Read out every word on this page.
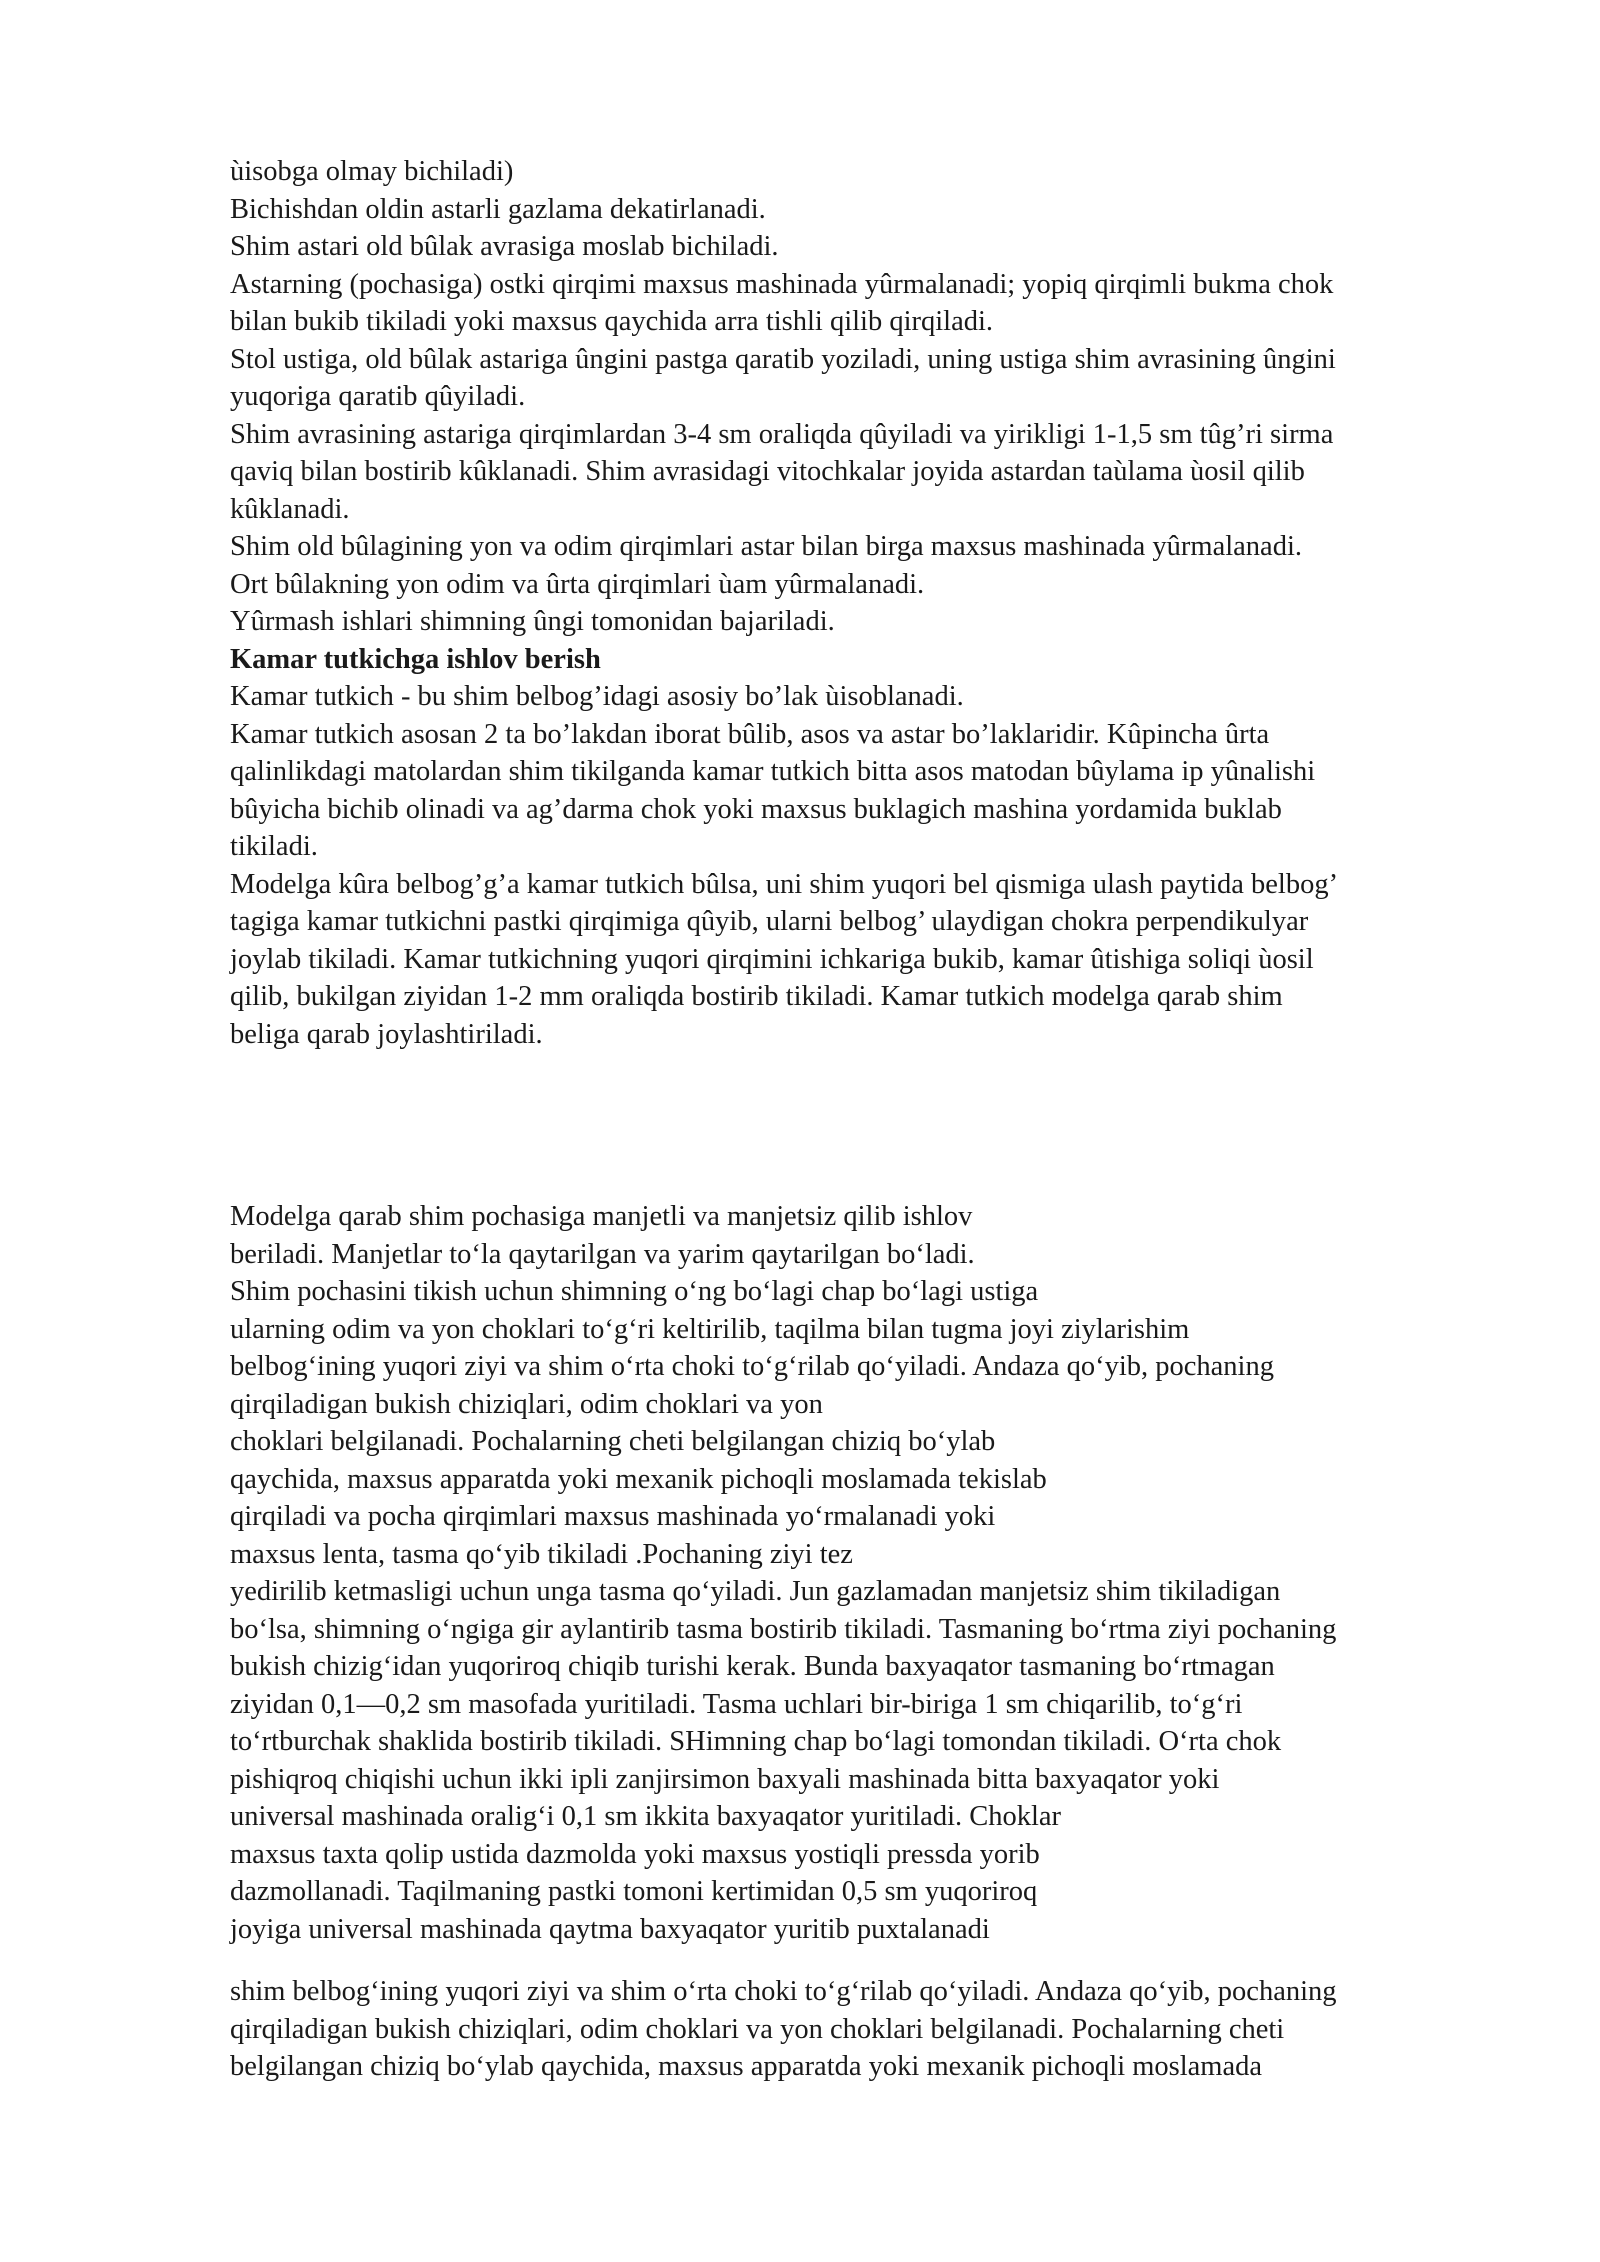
ùisobga olmay bichiladi)
Bichishdan oldin astarli gazlama dekatirlanadi.
Shim astari old bûlak avrasiga moslab bichiladi.
Astarning (pochasiga) ostki qirqimi maxsus mashinada yûrmalanadi; yopiq qirqimli bukma chok
bilan bukib tikiladi yoki maxsus qaychida arra tishli qilib qirqiladi.
Stol ustiga, old bûlak astariga ûngini pastga qaratib yoziladi, uning ustiga shim avrasining ûngini
yuqoriga qaratib qûyiladi.
Shim avrasining astariga qirqimlardan 3-4 sm oraliqda qûyiladi va yirikligi 1-1,5 sm tûg’ri sirma
qaviq bilan bostirib kûklanadi. Shim avrasidagi vitochkalar joyida astardan taùlama ùosil qilib
kûklanadi.
Shim old bûlagining yon va odim qirqimlari astar bilan birga maxsus mashinada yûrmalanadi.
Ort bûlakning yon odim va ûrta qirqimlari ùam yûrmalanadi.
Yûrmash ishlari shimning ûngi tomonidan bajariladi.
Kamar tutkichga ishlov berish
Kamar tutkich - bu shim belbog’idagi asosiy bo’lak ùisoblanadi.
Kamar tutkich asosan 2 ta bo’lakdan iborat bûlib, asos va astar bo’laklaridir. Kûpincha ûrta
qalinlikdagi matolardan shim tikilganda kamar tutkich bitta asos matodan bûylama ip yûnalishi
bûyicha bichib olinadi va ag’darma chok yoki maxsus buklagich mashina yordamida buklab
tikiladi.
Modelga kûra belbog’g’a kamar tutkich bûlsa, uni shim yuqori bel qismiga ulash paytida belbog’
tagiga kamar tutkichni pastki qirqimiga qûyib, ularni belbog’ ulaydigan chokra perpendikulyar
joylab tikiladi. Kamar tutkichning yuqori qirqimini ichkariga bukib, kamar ûtishiga soliqi ùosil
qilib, bukilgan ziyidan 1-2 mm oraliqda bostirib tikiladi. Kamar tutkich modelga qarab shim
beliga qarab joylashtiriladi.
Modelga qarab shim pochasiga manjetli va manjetsiz qilib ishlov
beriladi. Manjetlar to‘la qaytarilgan va yarim qaytarilgan bo‘ladi.
Shim pochasini tikish uchun shimning o‘ng bo‘lagi chap bo‘lagi ustiga
ularning odim va yon choklari to‘g‘ri keltirilib, taqilma bilan tugma joyi ziylarishim
belbog‘ining yuqori ziyi va shim o‘rta choki to‘g‘rilab qo‘yiladi. Andaza qo‘yib, pochaning
qirqiladigan bukish chiziqlari, odim choklari va yon
choklari belgilanadi. Pochalarning cheti belgilangan chiziq bo‘ylab
qaychida, maxsus apparatda yoki mexanik pichoqli moslamada tekislab
qirqiladi va pocha qirqimlari maxsus mashinada yo‘rmalanadi yoki
maxsus lenta, tasma qo‘yib tikiladi .Pochaning ziyi tez
yedirilib ketmasligi uchun unga tasma qo‘yiladi. Jun gazlamadan manjetsiz shim tikiladigan
bo‘lsa, shimning o‘ngiga gir aylantirib tasma bostirib tikiladi. Tasmaning bo‘rtma ziyi pochaning
bukish chizig‘idan yuqoriroq chiqib turishi kerak. Bunda baxyaqator tasmaning bo‘rtmagan
ziyidan 0,1—0,2 sm masofada yuritiladi. Tasma uchlari bir-biriga 1 sm chiqarilib, to‘g‘ri
to‘rtburchak shaklida bostirib tikiladi. SHimning chap bo‘lagi tomondan tikiladi. O‘rta chok
pishiqroq chiqishi uchun ikki ipli zanjirsimon baxyali mashinada bitta baxyaqator yoki
universal mashinada oralig‘i 0,1 sm ikkita baxyaqator yuritiladi. Choklar
maxsus taxta qolip ustida dazmolda yoki maxsus yostiqli pressda yorib
dazmollanadi. Taqilmaning pastki tomoni kertimidan 0,5 sm yuqoriroq
joyiga universal mashinada qaytma baxyaqator yuritib puxtalanadi
shim belbog‘ining yuqori ziyi va shim o‘rta choki to‘g‘rilab qo‘yiladi. Andaza qo‘yib, pochaning
qirqiladigan bukish chiziqlari, odim choklari va yon choklari belgilanadi. Pochalarning cheti
belgilangan chiziq bo‘ylab qaychida, maxsus apparatda yoki mexanik pichoqli moslamada
